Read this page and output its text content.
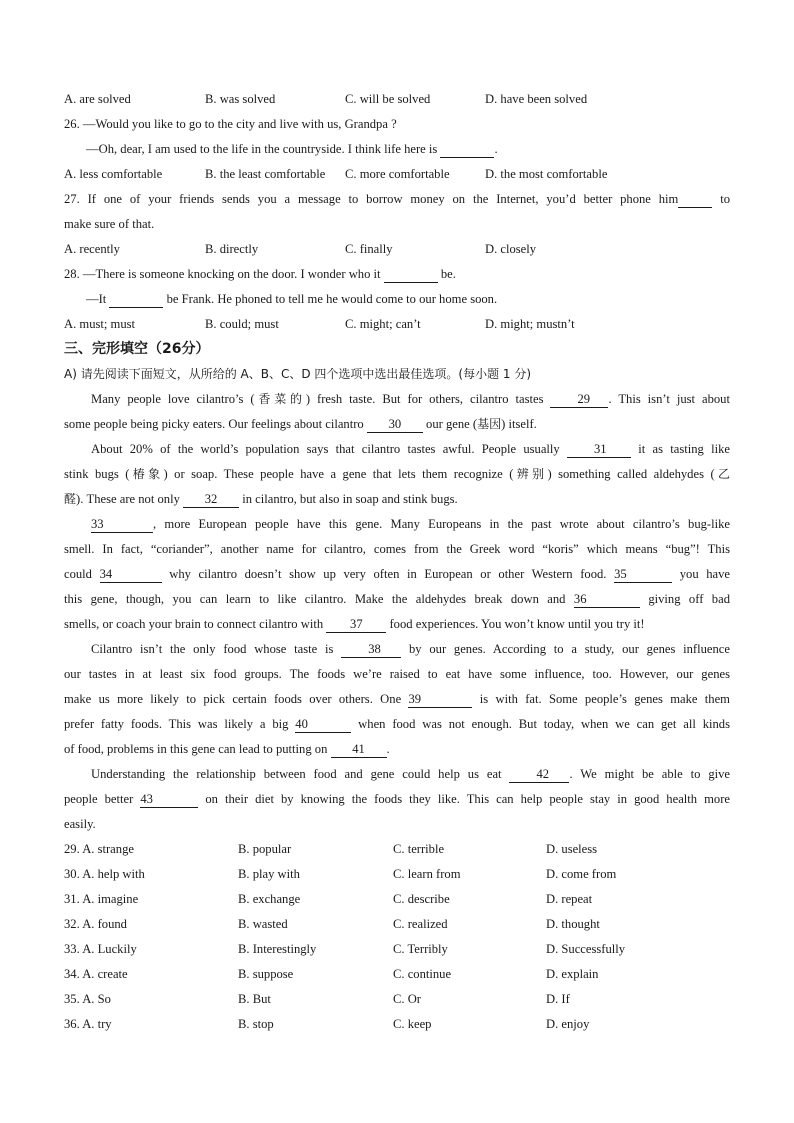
A. are solved	B. was solved	C. will be solved	D. have been solved
26. —Would you like to go to the city and live with us, Grandpa ?
—Oh, dear, I am used to the life in the countryside. I think life here is	.
A. less comfortable	B. the least comfortable	C. more comfortable	D. the most comfortable
27. If one of your friends sends you a message to borrow money on the Internet, you’d better phone him	to
make sure of that.
A. recently	B. directly	C. finally	D. closely
28. —There is someone knocking on the door. I wonder who it	be.
—It	be Frank. He phoned to tell me he would come to our home soon.
A. must; must	B. could; must	C. might; can’t	D. might; mustn’t
三、完形填空（26分）
A) 请先阅读下面短文，从所给的 A、B、C、D 四个选项中选出最佳选项。(每小题 1 分)
Many people love cilantro’s (香菜的) fresh taste. But for others, cilantro tastes	29 . This isn’t just about
some people being picky eaters. Our feelings about cilantro 30 our gene (基因) itself.
About 20% of the world’s population says that cilantro tastes awful. People usually	31	it as tasting like
stink bugs (椿象) or soap. These people have a gene that lets them recognize (辨别) something called aldehydes (乙
醛). These are not only 32 in cilantro, but also in soap and stink bugs.
33	, more European people have this gene. Many Europeans in the past wrote about cilantro’s bug-like
smell. In fact, “coriander”, another name for cilantro, comes from the Greek word “koris” which means “bug”! This
could 34	why cilantro doesn’t show up very often in European or other Western food. 35	you have
this gene, though, you can learn to like cilantro. Make the aldehydes break down and 36	giving off bad
smells, or coach your brain to connect cilantro with 37 food experiences. You won’t know until you try it!
Cilantro isn’t the only food whose taste is	38 by our genes. According to a study, our genes influence
our tastes in at least six food groups. The foods we’re raised to eat have some influence, too. However, our genes
make us more likely to pick certain foods over others. One 39	is with fat. Some people’s genes make them
prefer fatty foods. This was likely a big 40	when food was not enough. But today, when we can get all kinds
of food, problems in this gene can lead to putting on 41 .
Understanding the relationship between food and gene could help us eat	42 . We might be able to give
people better 43	on their diet by knowing the foods they like. This can help people stay in good health more
easily.
29. A. strange	B. popular	C. terrible	D. useless
30. A. help with	B. play with	C. learn from	D. come from
31. A. imagine	B. exchange	C. describe	D. repeat
32. A. found	B. wasted	C. realized	D. thought
33. A. Luckily	B. Interestingly	C. Terribly	D. Successfully
34. A. create	B. suppose	C. continue	D. explain
35. A. So	B. But	C. Or	D. If
36. A. try	B. stop	C. keep	D. enjoy
